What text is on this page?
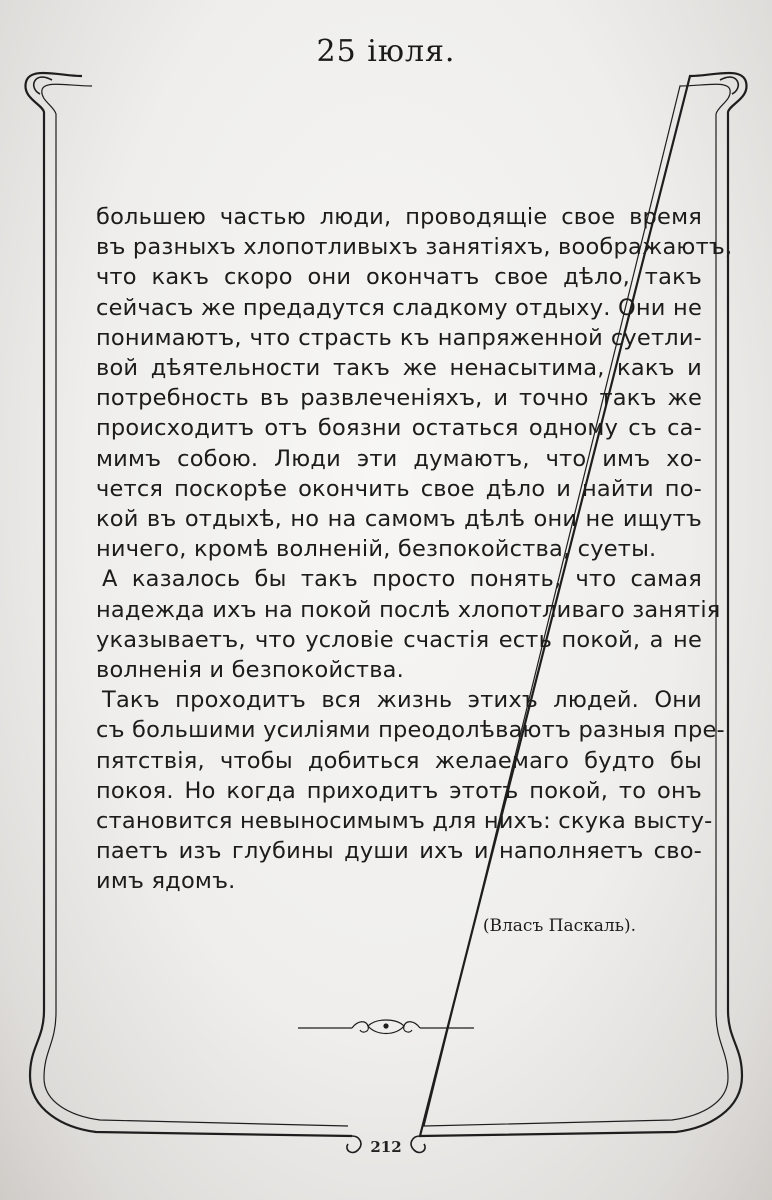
25 іюля.
большею частью люди, проводящіе свое время
въ разныхъ хлопотливыхъ занятіяхъ, воображаютъ,
что какъ скоро они окончатъ свое дѣло, такъ
сейчасъ же предадутся сладкому отдыху. Они не
понимаютъ, что страсть къ напряженной суетли-
вой дѣятельности такъ же ненасытима, какъ и
потребность въ развлеченіяхъ, и точно такъ же
происходитъ отъ боязни остаться одному съ са-
мимъ собою. Люди эти думаютъ, что имъ хо-
чется поскорѣе окончить свое дѣло и найти по-
кой въ отдыхѣ, но на самомъ дѣлѣ они не ищутъ
ничего, кромѣ волненій, безпокойства, суеты.
А казалось бы такъ просто понять, что самая
надежда ихъ на покой послѣ хлопотливаго занятія
указываетъ, что условіе счастія есть покой, а не
волненія и безпокойства.
Такъ проходитъ вся жизнь этихъ людей. Они
съ большими усиліями преодолѣваютъ разныя пре-
пятствія, чтобы добиться желаемаго будто бы
покоя. Но когда приходитъ этотъ покой, то онъ
становится невыносимымъ для нихъ: скука высту-
паетъ изъ глубины души ихъ и наполняетъ сво-
имъ ядомъ.
(Власъ Паскаль).
212
